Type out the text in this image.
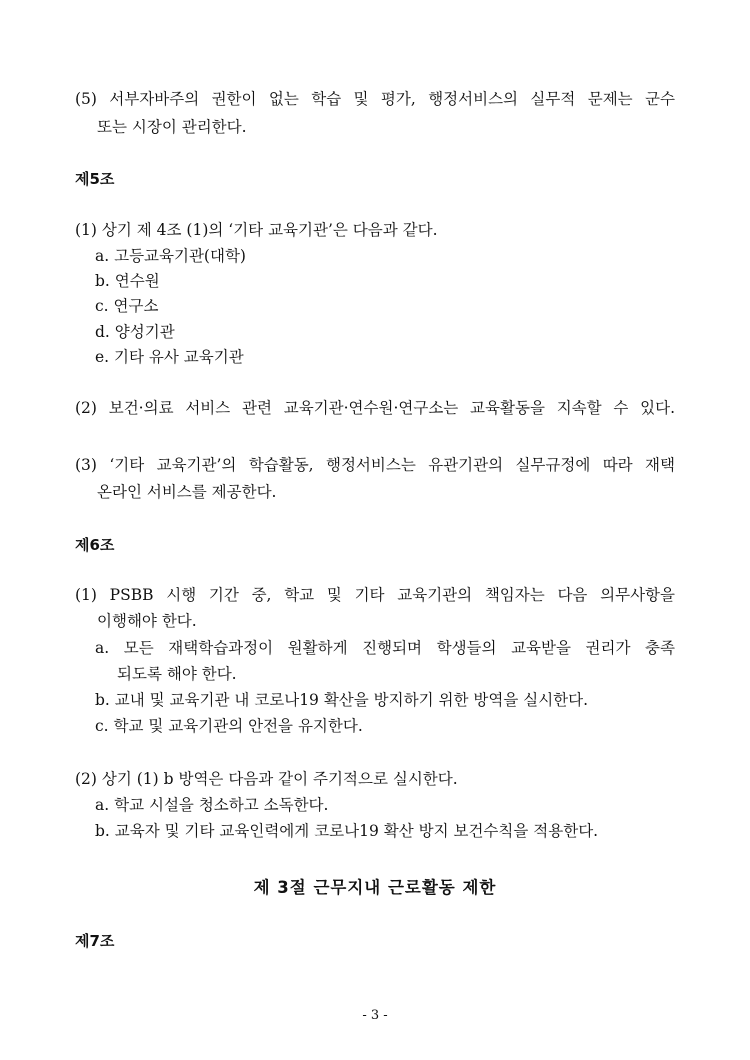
(5) 서부자바주의 권한이 없는 학습 및 평가, 행정서비스의 실무적 문제는 군수
또는 시장이 관리한다.
제5조
(1) 상기 제 4조 (1)의 ‘기타 교육기관’은 다음과 같다.
a. 고등교육기관(대학)
b. 연수원
c. 연구소
d. 양성기관
e. 기타 유사 교육기관
(2) 보건·의료 서비스 관련 교육기관·연수원·연구소는 교육활동을 지속할 수 있다.
(3) ‘기타 교육기관’의 학습활동, 행정서비스는 유관기관의 실무규정에 따라 재택
온라인 서비스를 제공한다.
제6조
(1) PSBB 시행 기간 중, 학교 및 기타 교육기관의 책임자는 다음 의무사항을
이행해야 한다.
a. 모든 재택학습과정이 원활하게 진행되며 학생들의 교육받을 권리가 충족
되도록 해야 한다.
b. 교내 및 교육기관 내 코로나19 확산을 방지하기 위한 방역을 실시한다.
c. 학교 및 교육기관의 안전을 유지한다.
(2) 상기 (1) b 방역은 다음과 같이 주기적으로 실시한다.
a. 학교 시설을 청소하고 소독한다.
b. 교육자 및 기타 교육인력에게 코로나19 확산 방지 보건수칙을 적용한다.
제 3절 근무지내 근로활동 제한
제7조
- 3 -
